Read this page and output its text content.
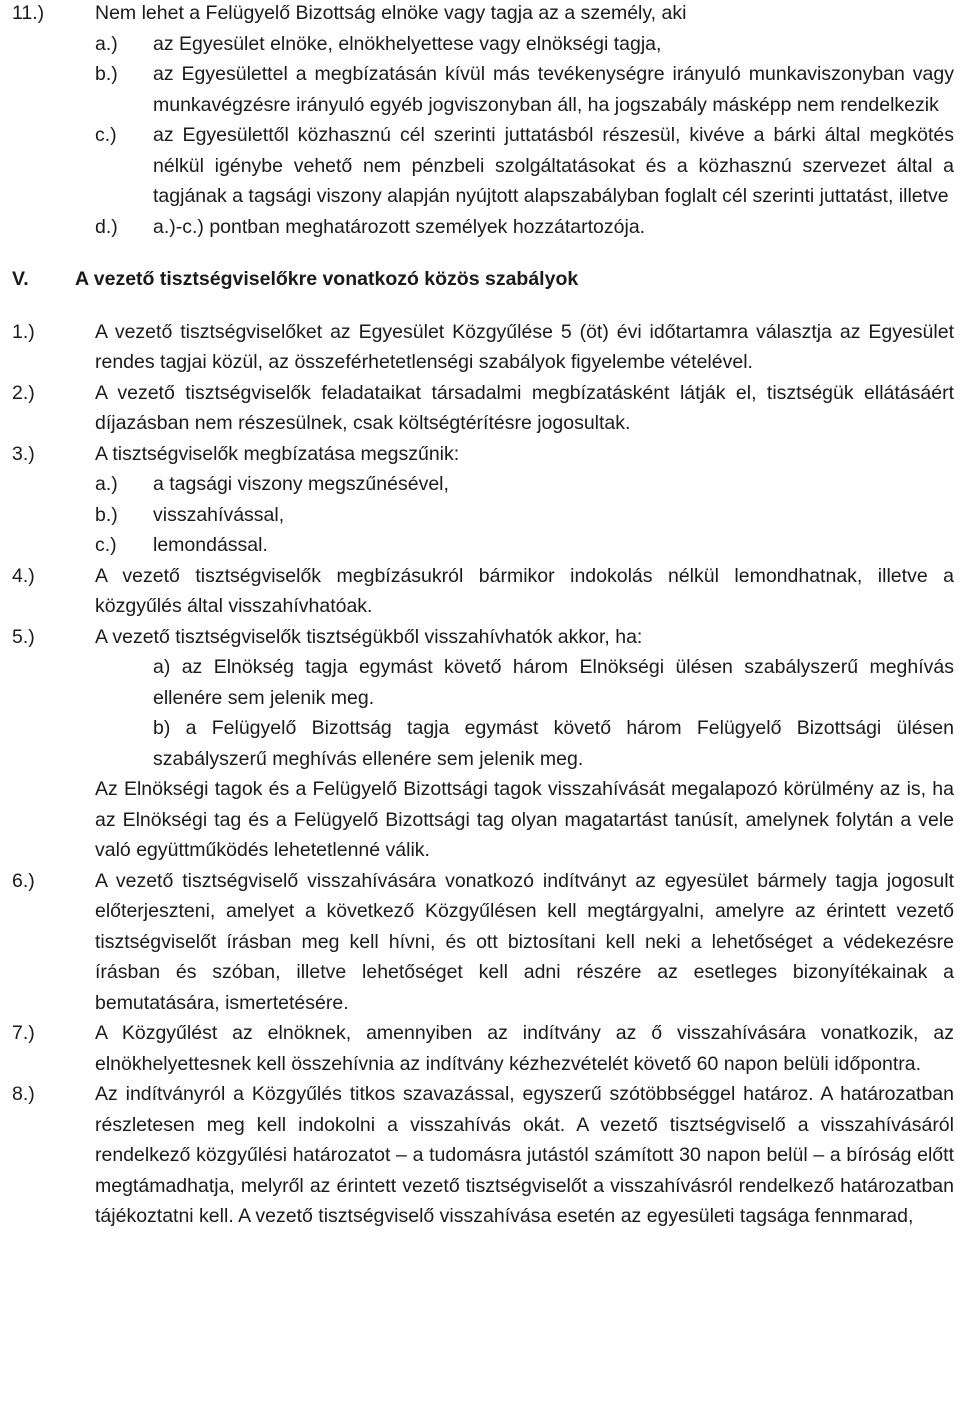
11.)	Nem lehet a Felügyelő Bizottság elnöke vagy tagja az a személy, aki
a.) az Egyesület elnöke, elnökhelyettese vagy elnökségi tagja,
b.) az Egyesülettel a megbízatásán kívül más tevékenységre irányuló munkaviszonyban vagy munkavégzésre irányuló egyéb jogviszonyban áll, ha jogszabály másképp nem rendelkezik
c.) az Egyesülettől közhasznú cél szerinti juttatásból részesül, kivéve a bárki által megkötés nélkül igénybe vehető nem pénzbeli szolgáltatásokat és a közhasznú szervezet által a tagjának a tagsági viszony alapján nyújtott alapszabályban foglalt cél szerinti juttatást, illetve
d.) a.)-c.) pontban meghatározott személyek hozzátartozója.
V. A vezető tisztségviselőkre vonatkozó közös szabályok
1.)	A vezető tisztségviselőket az Egyesület Közgyűlése 5 (öt) évi időtartamra választja az Egyesület rendes tagjai közül, az összeférhetetlenségi szabályok figyelembe vételével.
2.)	A vezető tisztségviselők feladataikat társadalmi megbízatásként látják el, tisztségük ellátásáért díjazásban nem részesülnek, csak költségtérítésre jogosultak.
3.)	A tisztségviselők megbízatása megszűnik:
a.) a tagsági viszony megszűnésével,
b.) visszahívással,
c.) lemondással.
4.)	A vezető tisztségviselők megbízásukról bármikor indokolás nélkül lemondhatnak, illetve a közgyűlés által visszahívhatóak.
5.)	A vezető tisztségviselők tisztségükből visszahívhatók akkor, ha:
a) az Elnökség tagja egymást követő három Elnökségi ülésen szabályszerű meghívás ellenére sem jelenik meg.
b) a Felügyelő Bizottság tagja egymást követő három Felügyelő Bizottsági ülésen szabályszerű meghívás ellenére sem jelenik meg.
Az Elnökségi tagok és a Felügyelő Bizottsági tagok visszahívását megalapozó körülmény az is, ha az Elnökségi tag és a Felügyelő Bizottsági tag olyan magatartást tanúsít, amelynek folytán a vele való együttműködés lehetetlenné válik.
6.)	A vezető tisztségviselő visszahívására vonatkozó indítványt az egyesület bármely tagja jogosult előterjeszteni, amelyet a következő Közgyűlésen kell megtárgyalni, amelyre az érintett vezető tisztségviselőt írásban meg kell hívni, és ott biztosítani kell neki a lehetőséget a védekezésre írásban és szóban, illetve lehetőséget kell adni részére az esetleges bizonyítékainak a bemutatására, ismertetésére.
7.)	A Közgyűlést az elnöknek, amennyiben az indítvány az ő visszahívására vonatkozik, az elnökhelyettesnek kell összehívnia az indítvány kézhezvételét követő 60 napon belüli időpontra.
8.)	Az indítványról a Közgyűlés titkos szavazással, egyszerű szótöbbséggel határoz. A határozatban részletesen meg kell indokolni a visszahívás okát. A vezető tisztségviselő a visszahívásáról rendelkező közgyűlési határozatot – a tudomásra jutástól számított 30 napon belül – a bíróság előtt megtámadhatja, melyről az érintett vezető tisztségviselőt a visszahívásról rendelkező határozatban tájékoztatni kell. A vezető tisztségviselő visszahívása esetén az egyesületi tagsága fennmarad,
